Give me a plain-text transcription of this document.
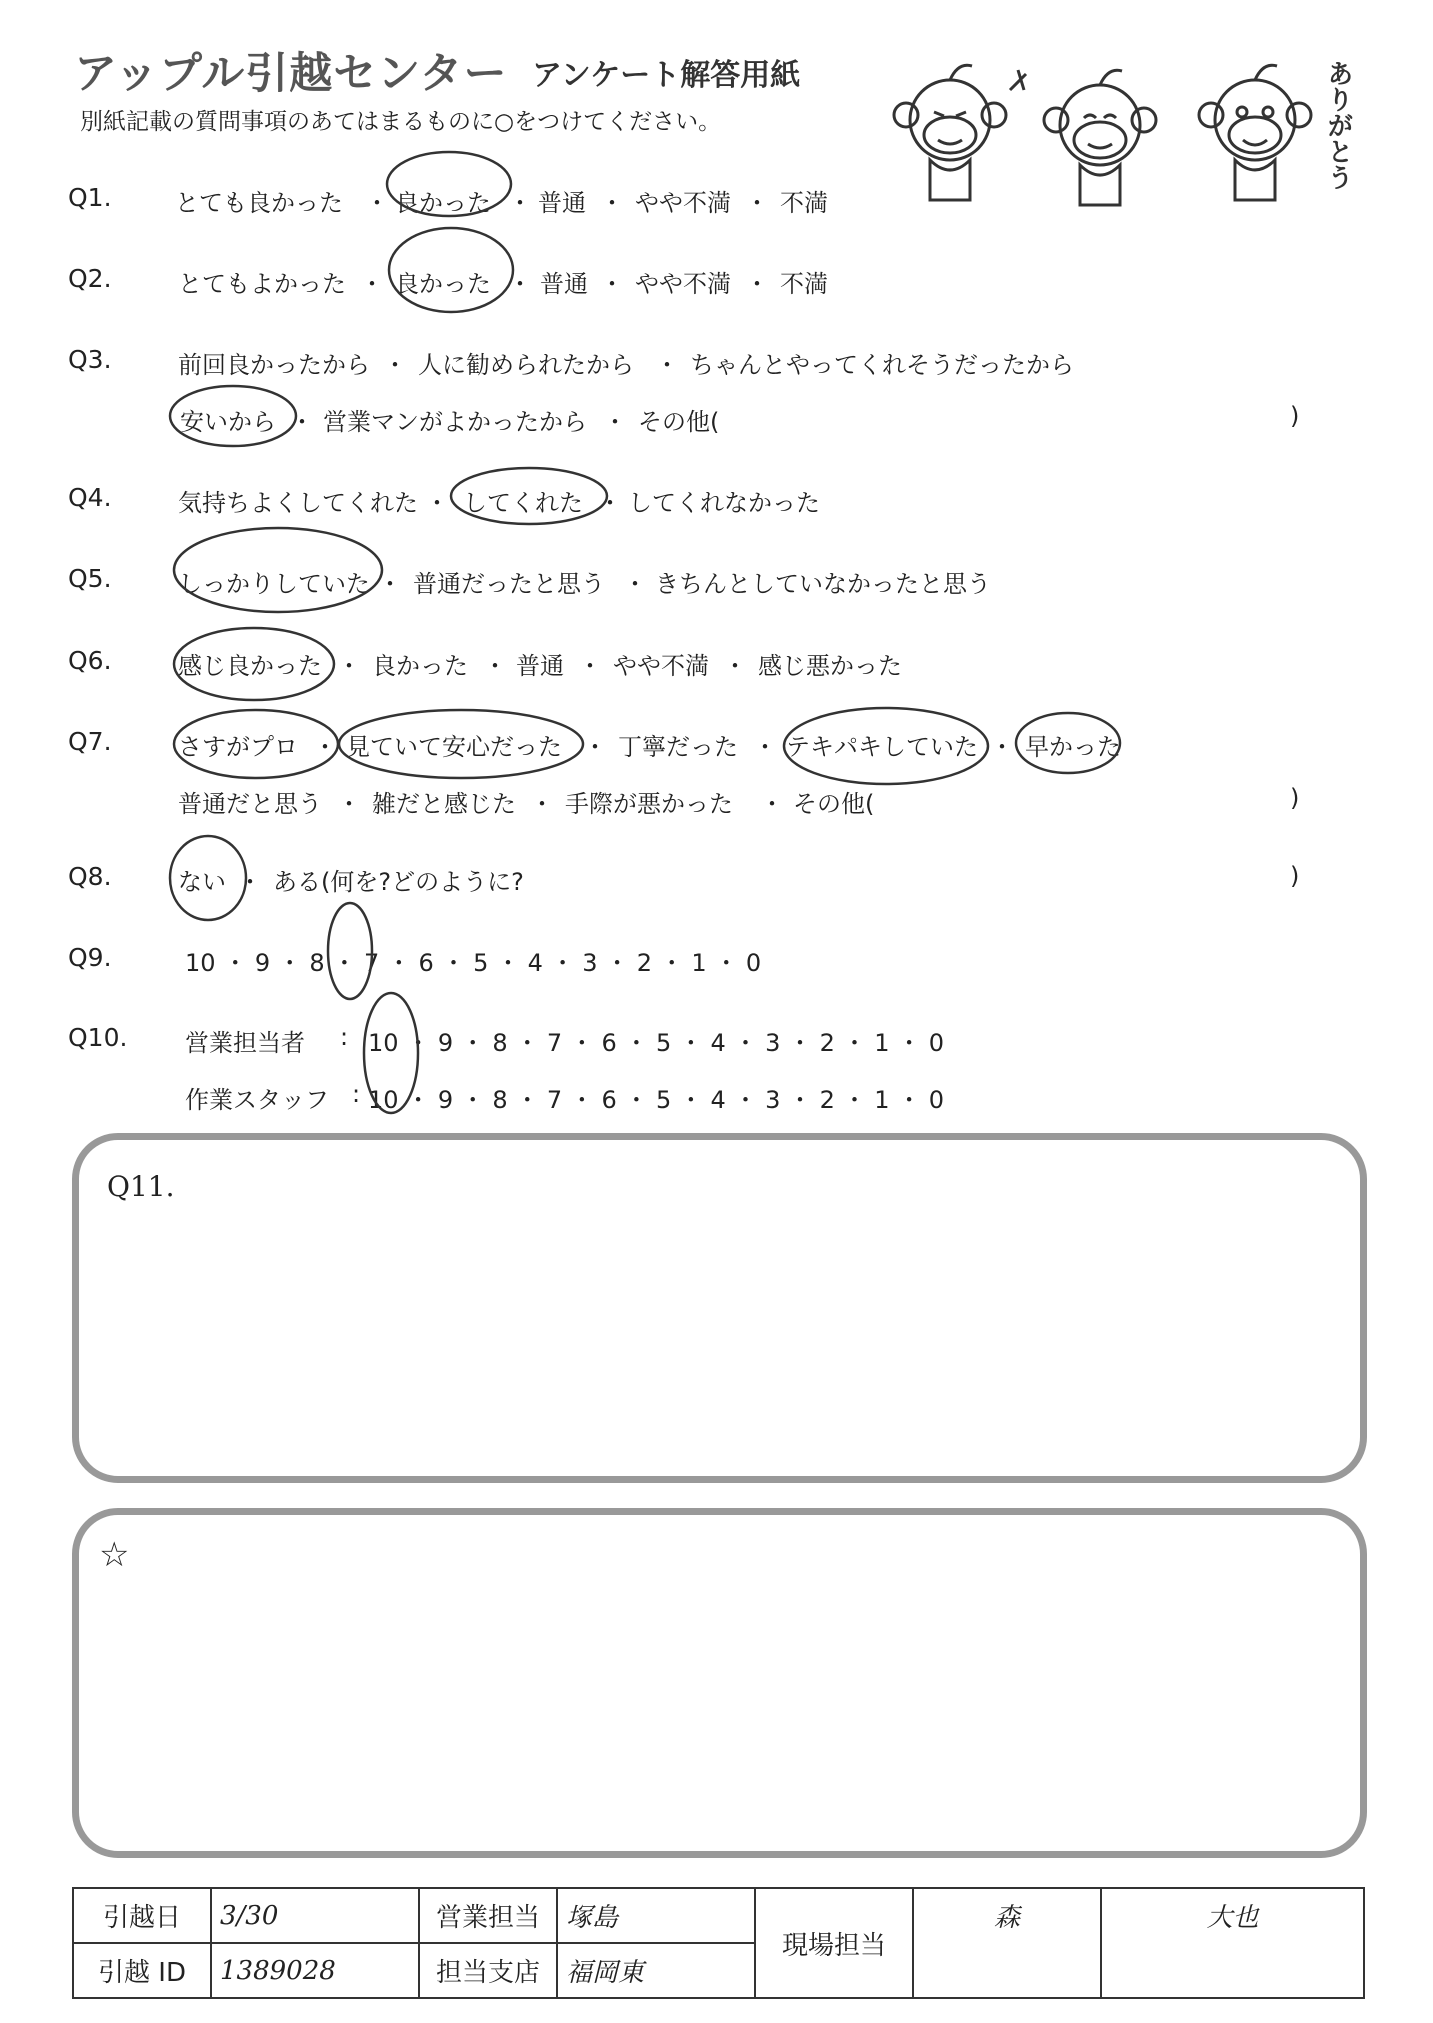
アップル引越センター アンケート解答用紙
別紙記載の質問事項のあてはまるものに○をつけてください。	ありがとう
Q1.	とても良かった ・ 良かった ・ 普通 ・ やや不満 ・ 不満
Q2.	とてもよかった ・ 良かった ・ 普通 ・ やや不満 ・ 不満
Q3.	前回良かったから ・ 人に勧められたから ・ ちゃんとやってくれそうだったから
安いから ・ 営業マンがよかったから ・ その他(	)
Q4.	気持ちよくしてくれた ・ してくれた ・ してくれなかった
Q5.	しっかりしていた ・ 普通だったと思う ・ きちんとしていなかったと思う
Q6.	感じ良かった ・ 良かった ・ 普通 ・ やや不満 ・ 感じ悪かった
Q7.	さすがプロ ・ 見ていて安心だった ・ 丁寧だった ・ テキパキしていた ・ 早かった
普通だと思う ・ 雑だと感じた ・ 手際が悪かった ・ その他(	)
Q8.	ない ・ ある(何を?どのように?	)
Q9.	10 ・ 9 ・ 8 ・ 7 ・ 6 ・ 5 ・ 4 ・ 3 ・ 2 ・ 1 ・ 0
Q10. 営業担当者 : 10 ・ 9 ・ 8 ・ 7 ・ 6 ・ 5 ・ 4 ・ 3 ・ 2 ・ 1 ・ 0
作業スタッフ : 10 ・ 9 ・ 8 ・ 7 ・ 6 ・ 5 ・ 4 ・ 3 ・ 2 ・ 1 ・ 0
Q11.
☆
引越日	3/30	営業担当	塚島	現場担当	森	大也
引越 ID	1389028	担当支店	福岡東			
